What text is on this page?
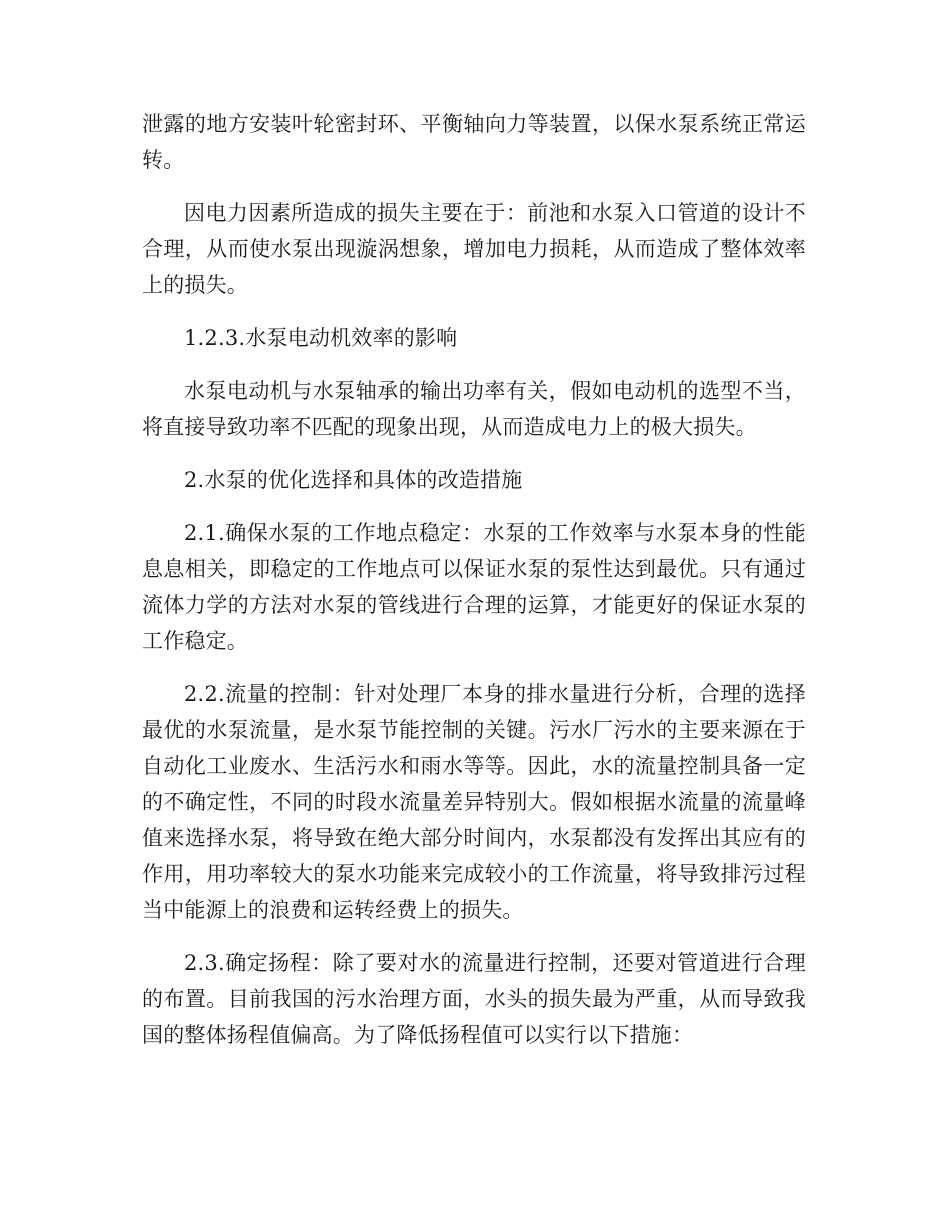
泄露的地方安装叶轮密封环、平衡轴向力等装置，以保水泵系统正常运转。

因电力因素所造成的损失主要在于：前池和水泵入口管道的设计不合理，从而使水泵出现漩涡想象，增加电力损耗，从而造成了整体效率上的损失。

1.2.3.水泵电动机效率的影响

水泵电动机与水泵轴承的输出功率有关，假如电动机的选型不当，将直接导致功率不匹配的现象出现，从而造成电力上的极大损失。

2.水泵的优化选择和具体的改造措施

2.1.确保水泵的工作地点稳定：水泵的工作效率与水泵本身的性能息息相关，即稳定的工作地点可以保证水泵的泵性达到最优。只有通过流体力学的方法对水泵的管线进行合理的运算，才能更好的保证水泵的工作稳定。

2.2.流量的控制：针对处理厂本身的排水量进行分析，合理的选择最优的水泵流量，是水泵节能控制的关键。污水厂污水的主要来源在于自动化工业废水、生活污水和雨水等等。因此，水的流量控制具备一定的不确定性，不同的时段水流量差异特别大。假如根据水流量的流量峰值来选择水泵，将导致在绝大部分时间内，水泵都没有发挥出其应有的作用，用功率较大的泵水功能来完成较小的工作流量，将导致排污过程当中能源上的浪费和运转经费上的损失。

2.3.确定扬程：除了要对水的流量进行控制，还要对管道进行合理的布置。目前我国的污水治理方面，水头的损失最为严重，从而导致我国的整体扬程值偏高。为了降低扬程值可以实行以下措施：
